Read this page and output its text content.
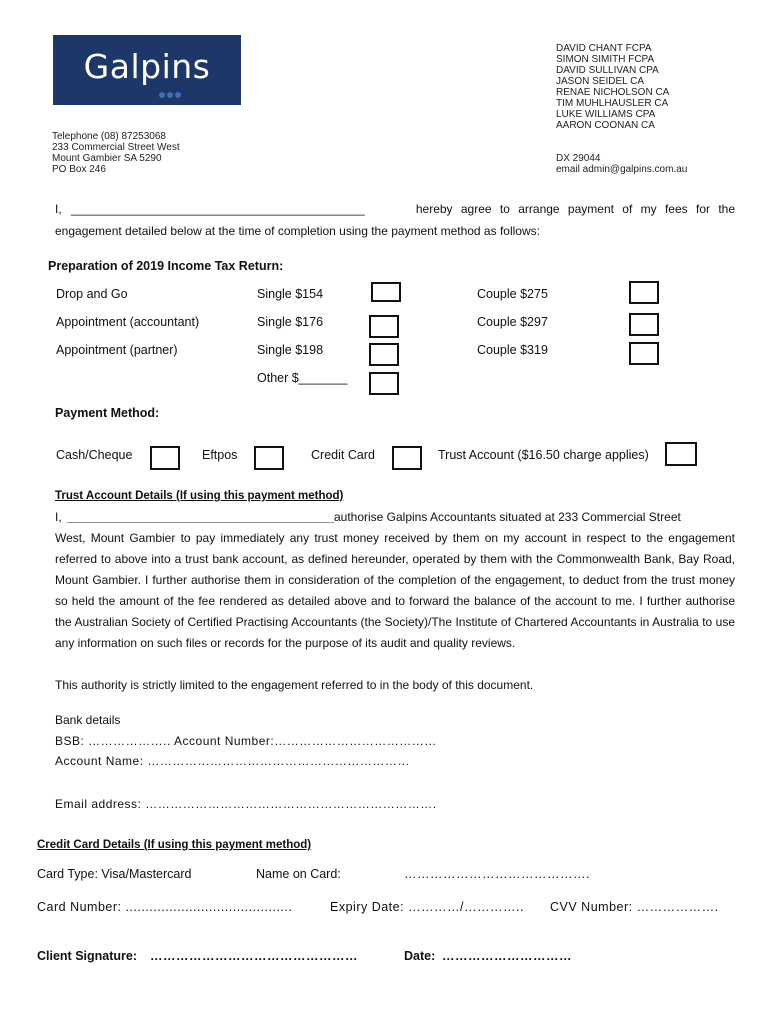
Galpins	DAVID CHANT FCPA
SIMON SIMITH FCPA
DAVID SULLIVAN CPA
JASON SEIDEL CA
RENAE NICHOLSON CA
TIM MUHLHAUSLER CA
LUKE WILLIAMS CPA
AARON COONAN CA
Telephone (08) 87253068
233 Commercial Street West
Mount Gambier SA 5290
PO Box 246
DX 29044
email admin@galpins.com.au
I, ____________________________________________	hereby agree to arrange payment of my fees for the
engagement detailed below at the time of completion using the payment method as follows:
Preparation of 2019 Income Tax Return:
Drop and Go	Single $154	Couple $275
Appointment (accountant)	Single $176	Couple $297
Appointment (partner)	Single $198	Couple $319
Other $_______
Payment Method:
Cash/Cheque	Eftpos	Credit Card	Trust Account ($16.50 charge applies)
Trust Account Details (If using this payment method)
I, ________________________________________authorise Galpins Accountants situated at 233 Commercial Street
West, Mount Gambier to pay immediately any trust money received by them on my account in respect to the engagement referred to above into a trust bank account, as defined hereunder, operated by them with the Commonwealth Bank, Bay Road, Mount Gambier. I further authorise them in consideration of the completion of the engagement, to deduct from the trust money so held the amount of the fee rendered as detailed above and to forward the balance of the account to me. I further authorise the Australian Society of Certified Practising Accountants (the Society)/The Institute of Chartered Accountants in Australia to use any information on such files or records for the purpose of its audit and quality reviews.
This authority is strictly limited to the engagement referred to in the body of this document.
Bank details
BSB: ……………….. Account Number:…………………………………
Account Name: ………………………………………………………
Email address: …………………………………………………………….
Credit Card Details (If using this payment method)
Card Type: Visa/Mastercard	Name on Card:	…………………………………….
Card Number: ..........................................	Expiry Date: …………/………….. CVV Number: ……………….
Client Signature: …………………………………………	Date: …………………………
